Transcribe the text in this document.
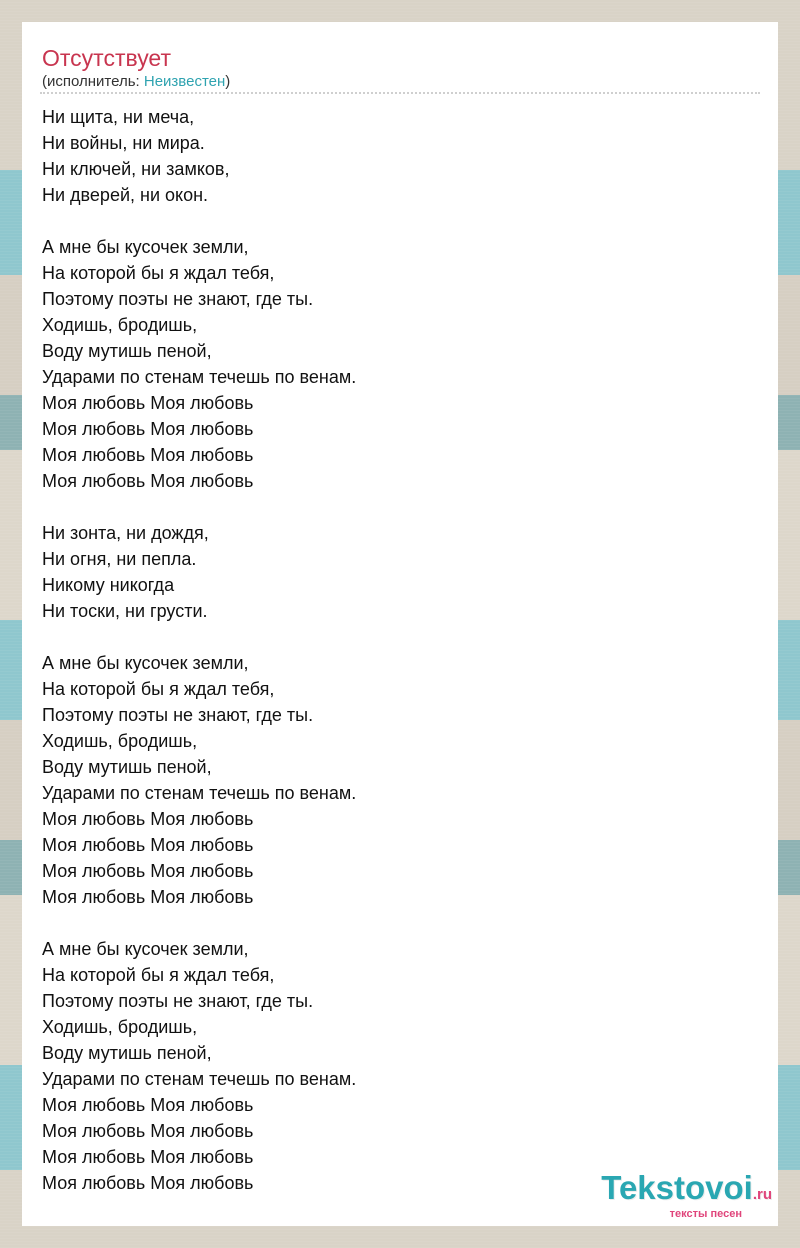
Отсутствует
(исполнитель: Неизвестен)
Ни щита, ни меча,
Ни войны, ни мира.
Ни ключей, ни замков,
Ни дверей, ни окон.
А мне бы кусочек земли,
На которой бы я ждал тебя,
Поэтому поэты не знают, где ты.
Ходишь, бродишь,
Воду мутишь пеной,
Ударами по стенам течешь по венам.
Моя любовь Моя любовь
Моя любовь Моя любовь
Моя любовь Моя любовь
Моя любовь Моя любовь
Ни зонта, ни дождя,
Ни огня, ни пепла.
Никому никогда
Ни тоски, ни грусти.
А мне бы кусочек земли,
На которой бы я ждал тебя,
Поэтому поэты не знают, где ты.
Ходишь, бродишь,
Воду мутишь пеной,
Ударами по стенам течешь по венам.
Моя любовь Моя любовь
Моя любовь Моя любовь
Моя любовь Моя любовь
Моя любовь Моя любовь
А мне бы кусочек земли,
На которой бы я ждал тебя,
Поэтому поэты не знают, где ты.
Ходишь, бродишь,
Воду мутишь пеной,
Ударами по стенам течешь по венам.
Моя любовь Моя любовь
Моя любовь Моя любовь
Моя любовь Моя любовь
Моя любовь Моя любовь	Tekstovoi.ru
тексты песен
